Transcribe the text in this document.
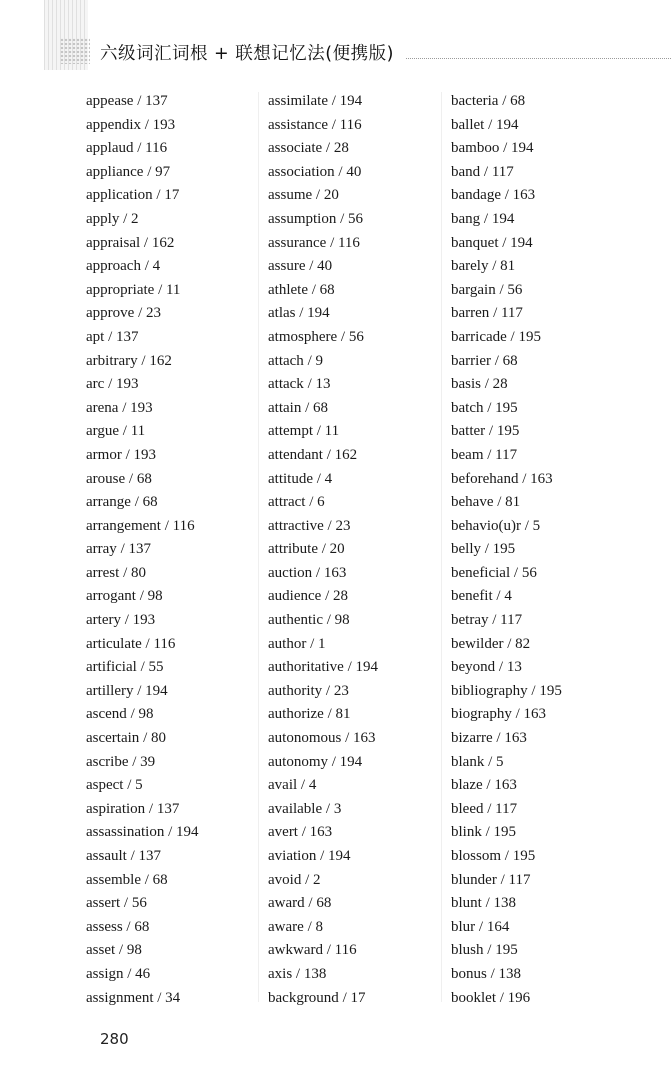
六级词汇词根 + 联想记忆法(便携版)
appease / 137
appendix / 193
applaud / 116
appliance / 97
application / 17
apply / 2
appraisal / 162
approach / 4
appropriate / 11
approve / 23
apt / 137
arbitrary / 162
arc / 193
arena / 193
argue / 11
armor / 193
arouse / 68
arrange / 68
arrangement / 116
array / 137
arrest / 80
arrogant / 98
artery / 193
articulate / 116
artificial / 55
artillery / 194
ascend / 98
ascertain / 80
ascribe / 39
aspect / 5
aspiration / 137
assassination / 194
assault / 137
assemble / 68
assert / 56
assess / 68
asset / 98
assign / 46
assignment / 34
assimilate / 194
assistance / 116
associate / 28
association / 40
assume / 20
assumption / 56
assurance / 116
assure / 40
athlete / 68
atlas / 194
atmosphere / 56
attach / 9
attack / 13
attain / 68
attempt / 11
attendant / 162
attitude / 4
attract / 6
attractive / 23
attribute / 20
auction / 163
audience / 28
authentic / 98
author / 1
authoritative / 194
authority / 23
authorize / 81
autonomous / 163
autonomy / 194
avail / 4
available / 3
avert / 163
aviation / 194
avoid / 2
award / 68
aware / 8
awkward / 116
axis / 138
background / 17
bacteria / 68
ballet / 194
bamboo / 194
band / 117
bandage / 163
bang / 194
banquet / 194
barely / 81
bargain / 56
barren / 117
barricade / 195
barrier / 68
basis / 28
batch / 195
batter / 195
beam / 117
beforehand / 163
behave / 81
behavio(u)r / 5
belly / 195
beneficial / 56
benefit / 4
betray / 117
bewilder / 82
beyond / 13
bibliography / 195
biography / 163
bizarre / 163
blank / 5
blaze / 163
bleed / 117
blink / 195
blossom / 195
blunder / 117
blunt / 138
blur / 164
blush / 195
bonus / 138
booklet / 196
280
